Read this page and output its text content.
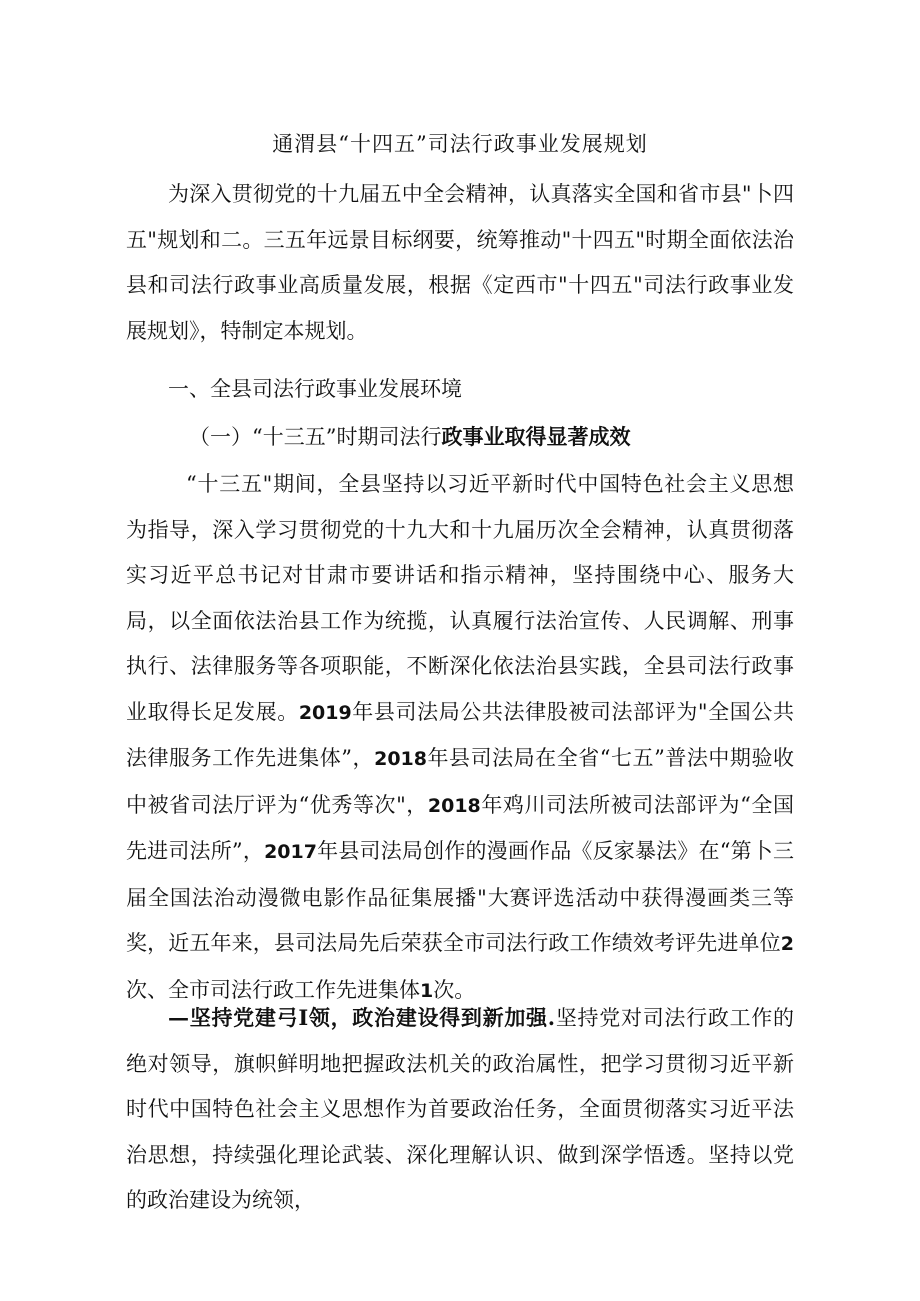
通渭县“十四五”司法行政事业发展规划
为深入贯彻党的十九届五中全会精神，认真落实全国和省市县"卜四五"规划和二。三五年远景目标纲要，统筹推动"十四五"时期全面依法治县和司法行政事业高质量发展，根据《定西市"十四五"司法行政事业发展规划》，特制定本规划。
一、全县司法行政事业发展环境
（一）“十三五”时期司法行政事业取得显著成效
“十三五"期间，全县坚持以习近平新时代中国特色社会主义思想为指导，深入学习贯彻党的十九大和十九届历次全会精神，认真贯彻落实习近平总书记对甘肃市要讲话和指示精神，坚持围绕中心、服务大局，以全面依法治县工作为统揽，认真履行法治宣传、人民调解、刑事执行、法律服务等各项职能，不断深化依法治县实践，全县司法行政事业取得长足发展。2019年县司法局公共法律股被司法部评为"全国公共法律服务工作先进集体”，2018年县司法局在全省“七五”普法中期验收中被省司法厅评为“优秀等次"，2018年鸡川司法所被司法部评为“全国先进司法所”，2017年县司法局创作的漫画作品《反家暴法》在“第卜三届全国法治动漫微电影作品征集展播"大赛评选活动中获得漫画类三等奖，近五年来，县司法局先后荣获全市司法行政工作绩效考评先进单位2次、全市司法行政工作先进集体1次。
—坚持党建弓I领，政治建设得到新加强.坚持党对司法行政工作的绝对领导，旗帜鲜明地把握政法机关的政治属性，把学习贯彻习近平新时代中国特色社会主义思想作为首要政治任务，全面贯彻落实习近平法治思想，持续强化理论武装、深化理解认识、做到深学悟透。坚持以党的政治建设为统领，
